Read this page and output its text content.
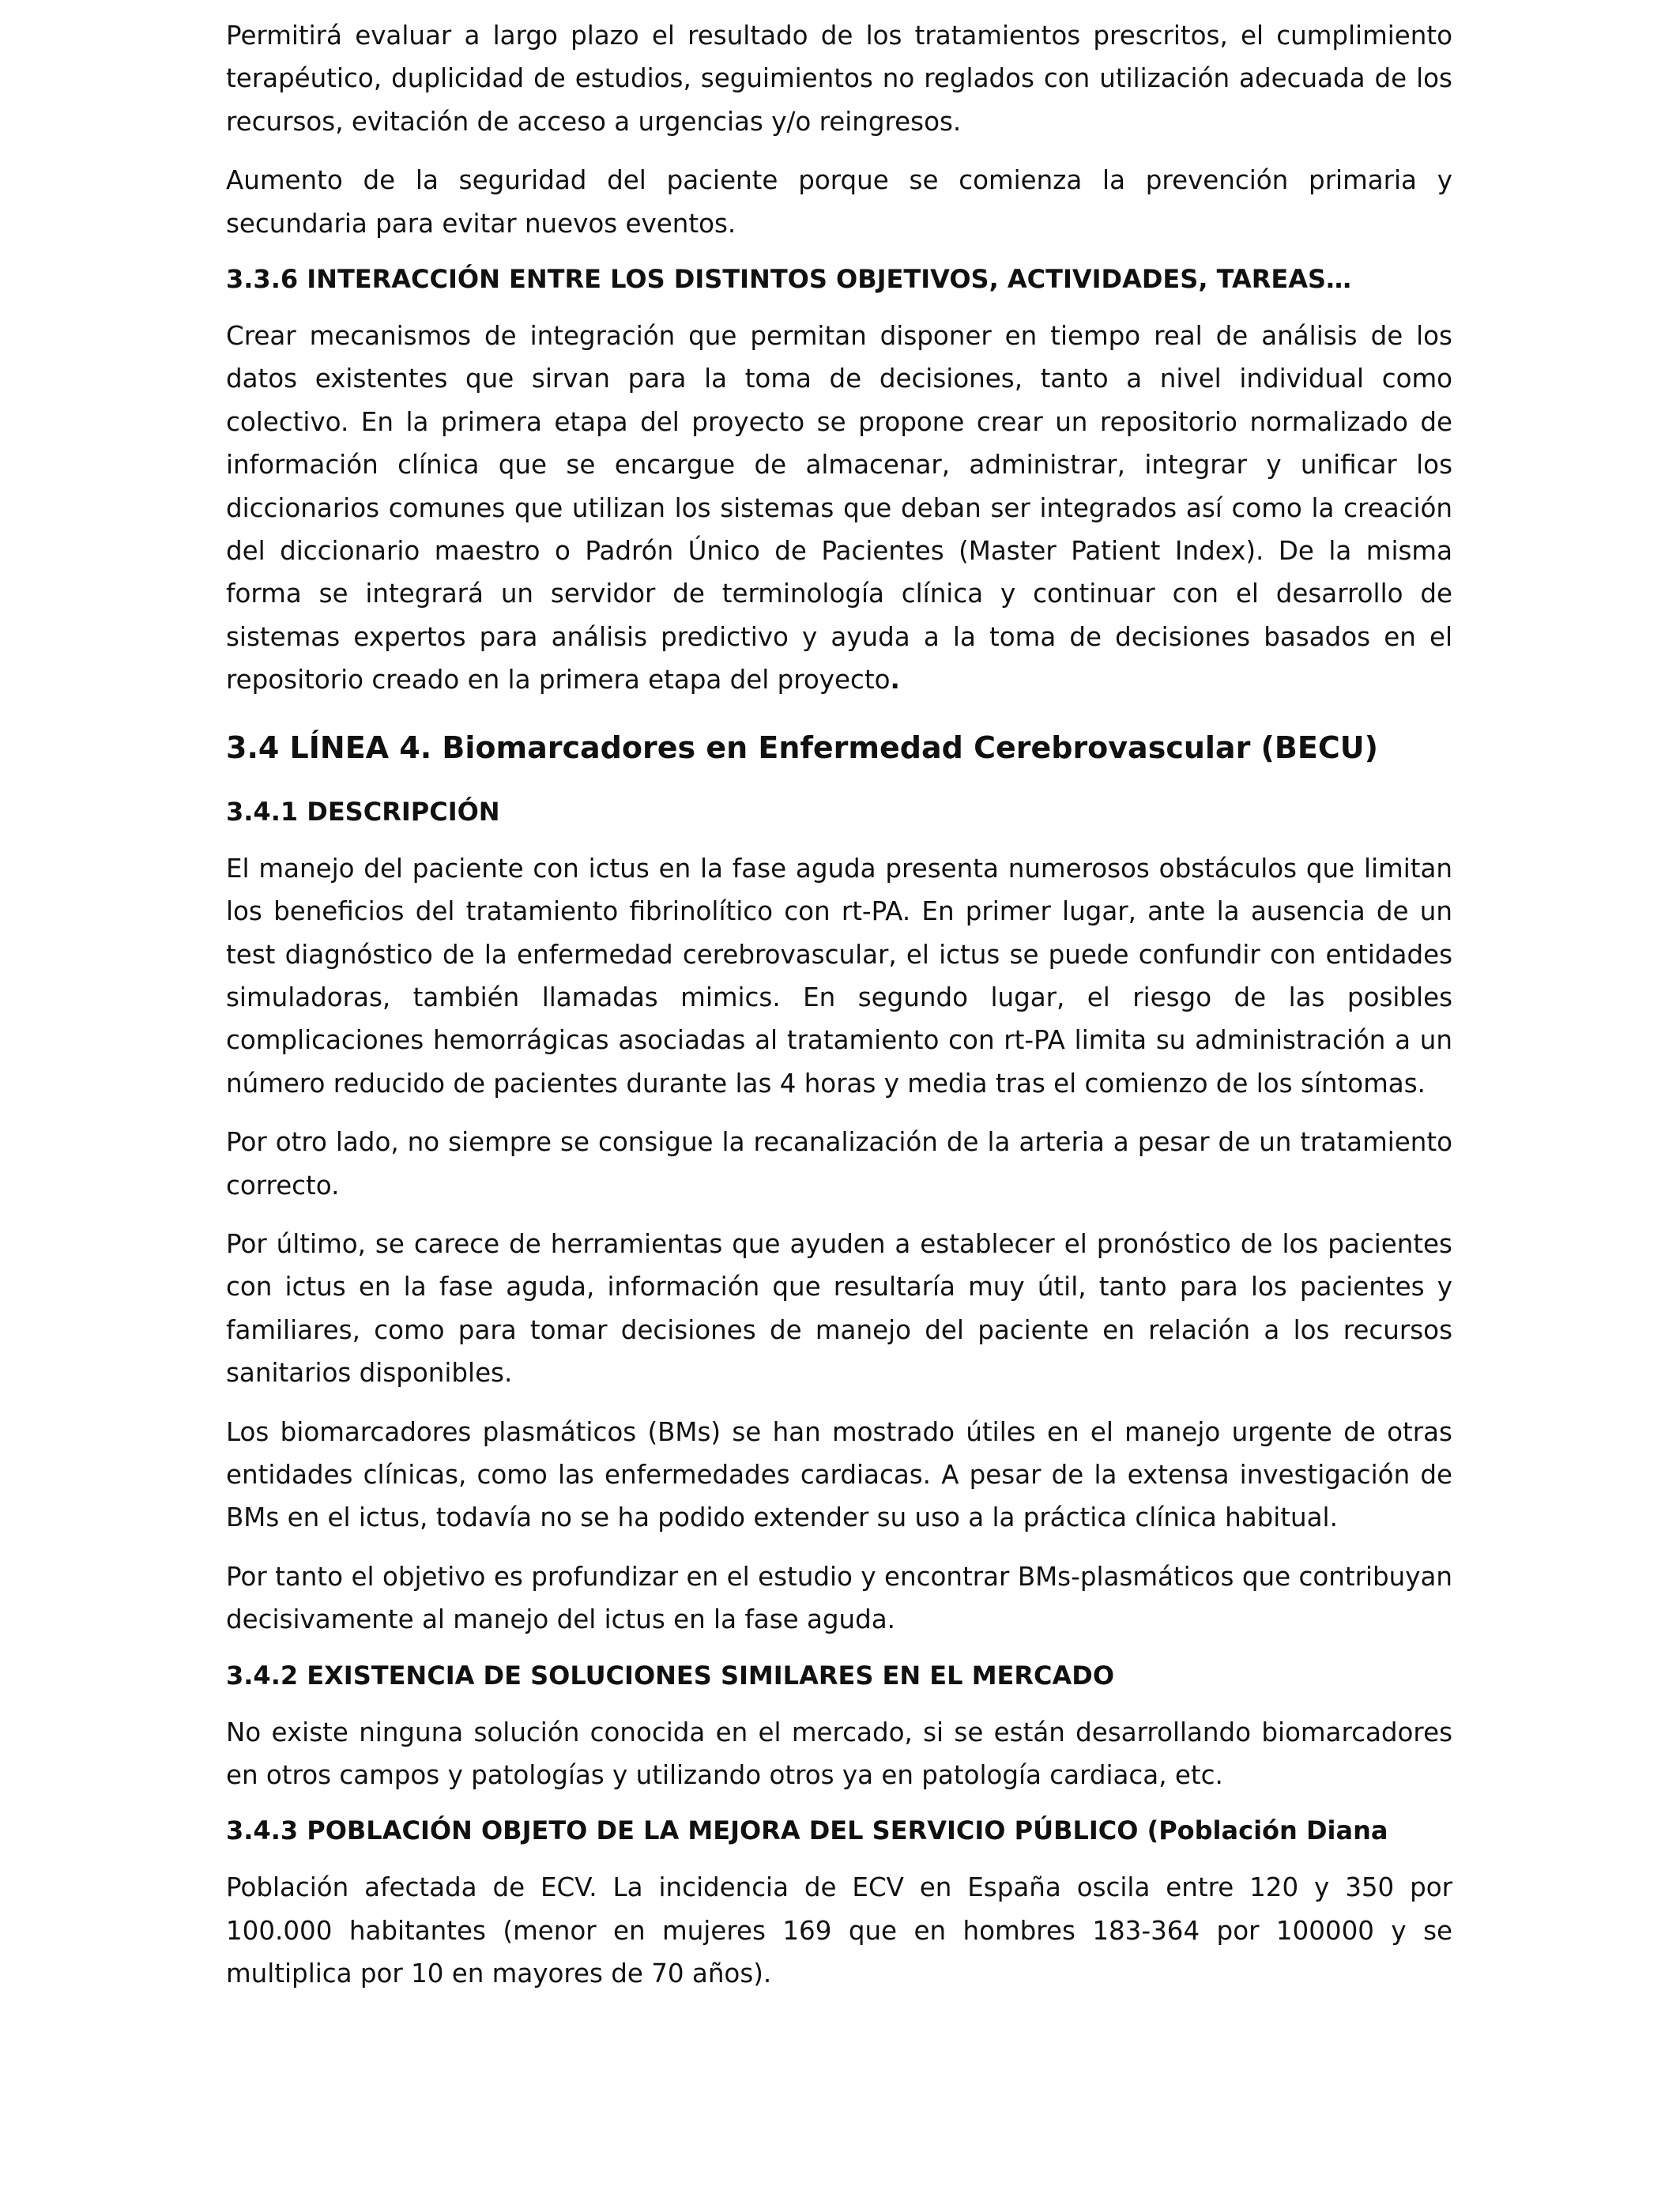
Permitirá evaluar a largo plazo el resultado de los tratamientos prescritos, el cumplimiento terapéutico, duplicidad de estudios, seguimientos no reglados con utilización adecuada de los recursos, evitación de acceso a urgencias y/o reingresos.

Aumento de la seguridad del paciente porque se comienza la prevención primaria y secundaria para evitar nuevos eventos.

3.3.6 INTERACCIÓN ENTRE LOS DISTINTOS OBJETIVOS, ACTIVIDADES, TAREAS…

Crear mecanismos de integración que permitan disponer en tiempo real de análisis de los datos existentes que sirvan para la toma de decisiones, tanto a nivel individual como colectivo. En la primera etapa del proyecto se propone crear un repositorio normalizado de información clínica que se encargue de almacenar, administrar, integrar y unificar los diccionarios comunes que utilizan los sistemas que deban ser integrados así como la creación del diccionario maestro o Padrón Único de Pacientes (Master Patient Index). De la misma forma se integrará un servidor de terminología clínica y continuar con el desarrollo de sistemas expertos para análisis predictivo y ayuda a la toma de decisiones basados en el repositorio creado en la primera etapa del proyecto.

3.4 LÍNEA 4. Biomarcadores en Enfermedad Cerebrovascular (BECU)
3.4.1 DESCRIPCIÓN

El manejo del paciente con ictus en la fase aguda presenta numerosos obstáculos que limitan los beneficios del tratamiento fibrinolítico con rt-PA. En primer lugar, ante la ausencia de un test diagnóstico de la enfermedad cerebrovascular, el ictus se puede confundir con entidades simuladoras, también llamadas mimics. En segundo lugar, el riesgo de las posibles complicaciones hemorrágicas asociadas al tratamiento con rt-PA limita su administración a un número reducido de pacientes durante las 4 horas y media tras el comienzo de los síntomas.

Por otro lado, no siempre se consigue la recanalización de la arteria a pesar de un tratamiento correcto.

Por último, se carece de herramientas que ayuden a establecer el pronóstico de los pacientes con ictus en la fase aguda, información que resultaría muy útil, tanto para los pacientes y familiares, como para tomar decisiones de manejo del paciente en relación a los recursos sanitarios disponibles.

Los biomarcadores plasmáticos (BMs) se han mostrado útiles en el manejo urgente de otras entidades clínicas, como las enfermedades cardiacas. A pesar de la extensa investigación de BMs en el ictus, todavía no se ha podido extender su uso a la práctica clínica habitual.

Por tanto el objetivo es profundizar en el estudio y encontrar BMs-plasmáticos que contribuyan decisivamente al manejo del ictus en la fase aguda.

3.4.2 EXISTENCIA DE SOLUCIONES SIMILARES EN EL MERCADO

No existe ninguna solución conocida en el mercado, si se están desarrollando biomarcadores en otros campos y patologías y utilizando otros ya en patología cardiaca, etc.

3.4.3 POBLACIÓN OBJETO DE LA MEJORA DEL SERVICIO PÚBLICO (Población Diana

Población afectada de ECV. La incidencia de ECV en España oscila entre 120 y 350 por 100.000 habitantes (menor en mujeres 169 que en hombres 183-364 por 100000 y se multiplica por 10 en mayores de 70 años).
